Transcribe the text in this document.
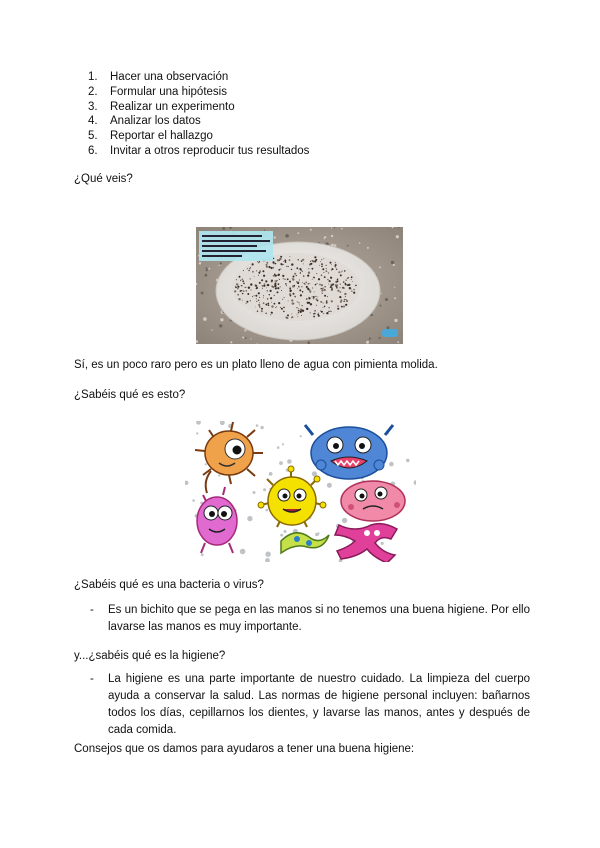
1. Hacer una observación
2. Formular una hipótesis
3. Realizar un experimento
4. Analizar los datos
5. Reportar el hallazgo
6. Invitar a otros reproducir tus resultados
¿Qué veis?
Sí, es un poco raro pero es un plato lleno de agua con pimienta molida.
¿Sabéis qué es esto?
¿Sabéis qué es una bacteria o virus?
- Es un bichito que se pega en las manos si no tenemos una buena higiene. Por ello lavarse las manos es muy importante.
y...¿sabéis qué es la higiene?
- La higiene es una parte importante de nuestro cuidado. La limpieza del cuerpo ayuda a conservar la salud. Las normas de higiene personal incluyen: bañarnos todos los días, cepillarnos los dientes, y lavarse las manos, antes y después de cada comida.
Consejos que os damos para ayudaros a tener una buena higiene:
